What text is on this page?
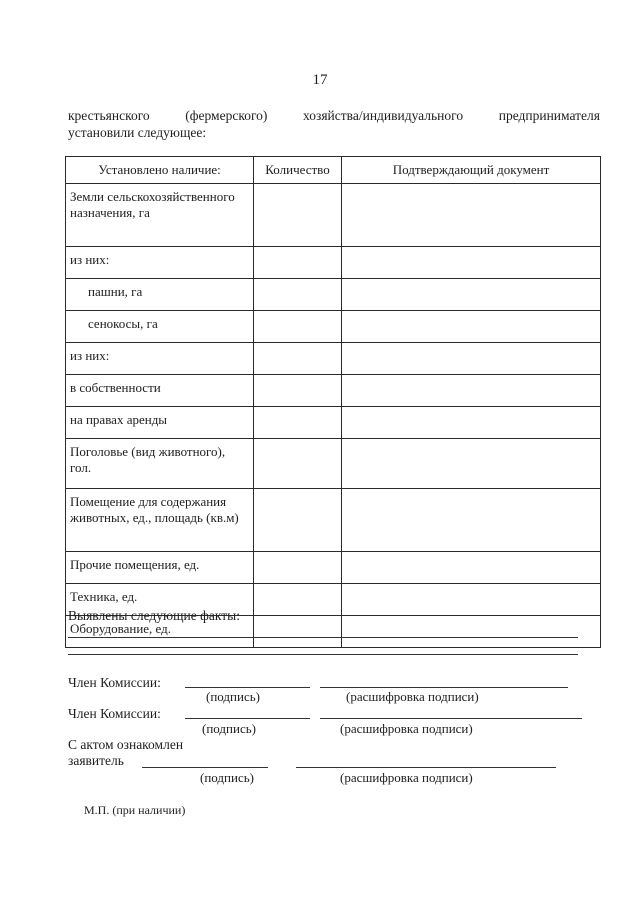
17
крестьянского	(фермерского)	хозяйства/индивидуального	предпринимателя
установили следующее:
Установлено наличие:	Количество	Подтверждающий документ
Земли сельскохозяйственного назначения, га		
из них:		
пашни, га		
сенокосы, га		
из них:		
в собственности		
на правах аренды		
Поголовье (вид животного), гол.		
Помещение для содержания животных, ед., площадь (кв.м)		
Прочие помещения, ед.		
Техника, ед.		
Оборудование, ед.		
Выявлены следующие факты:
Член Комиссии:
(подпись)	(расшифровка подписи)
Член Комиссии:
(подпись)	(расшифровка подписи)
С актом ознакомлен
заявитель
(подпись)	(расшифровка подписи)
М.П. (при наличии)
